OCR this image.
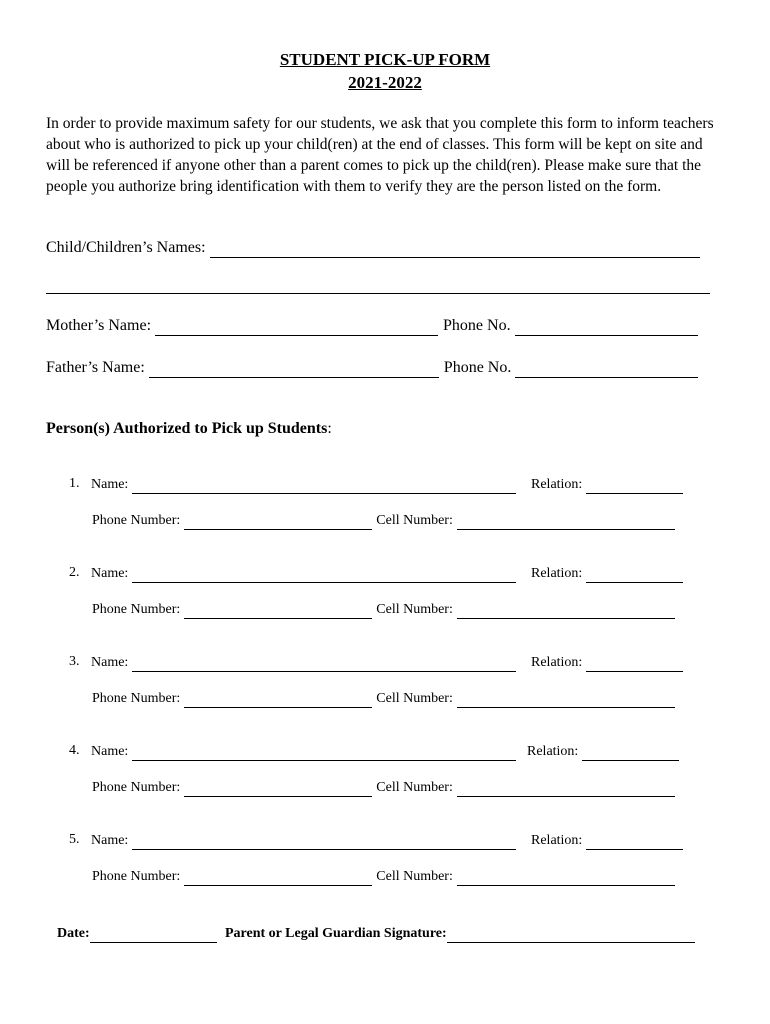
STUDENT PICK-UP FORM
2021-2022

In order to provide maximum safety for our students, we ask that you complete this form to inform teachers about who is authorized to pick up your child(ren) at the end of classes. This form will be kept on site and will be referenced if anyone other than a parent comes to pick up the child(ren). Please make sure that the people you authorize bring identification with them to verify they are the person listed on the form.

Child/Children’s Names:
Mother’s Name:	Phone No.
Father’s Name:	Phone No.
Person(s) Authorized to Pick up Students:
1. Name:	Relation:
Phone Number:	Cell Number:
2. Name:	Relation:
Phone Number:	Cell Number:
3. Name:	Relation:
Phone Number:	Cell Number:
4. Name:	Relation:
Phone Number:	Cell Number:
5. Name:	Relation:
Phone Number:	Cell Number:
Date:	Parent or Legal Guardian Signature:
